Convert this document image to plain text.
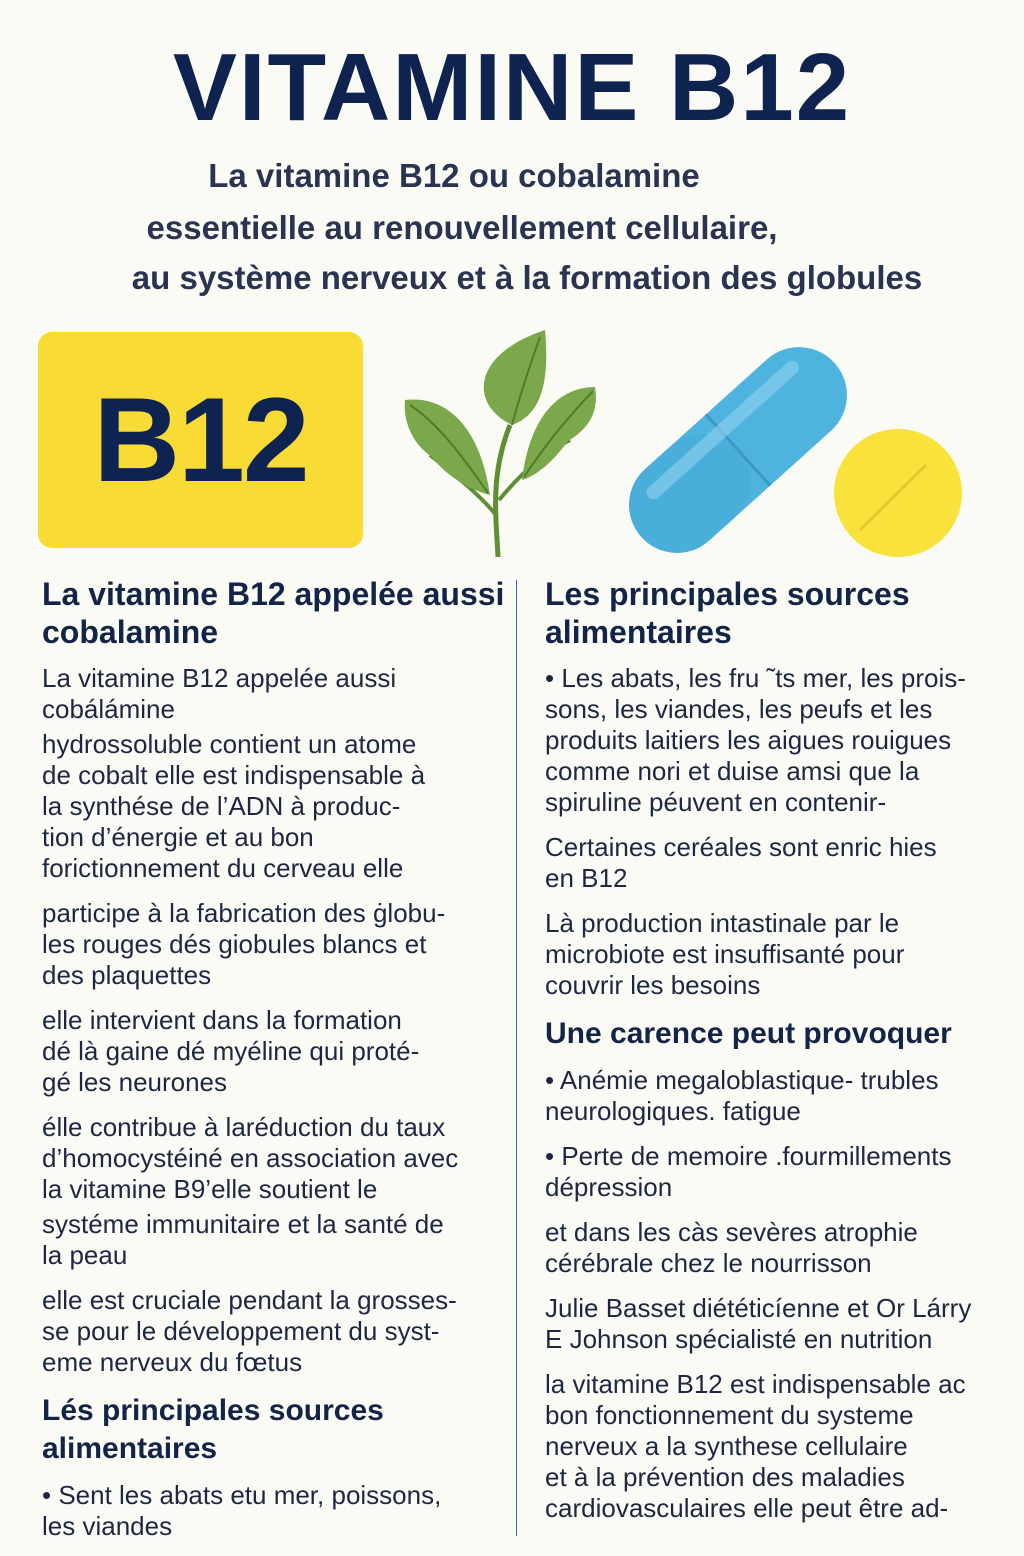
VITAMINE B12
La vitamine B12 ou cobalamine
essentielle au renouvellement cellulaire,
au système nerveux et à la formation des globules
B12
La vitamine B12 appelée aussi cobalamine
La vitamine B12 appelée aussi
cobálámine
hydrossoluble contient un atome
de cobalt elle est indispensable à
la synthése de l’ADN à produc-
tion d’énergie et au bon
forictionnement du cerveau elle
participe à la fabrication des ġlobu-
les rouges dés giobules blancs et
des plaquettes
elle intervient dans la formation
dé là gaine dé myéline qui proté-
gé les neurones
élle contribue à laréduction du taux
d’homocystéiné en association avec
la vitamine B9’elle soutient le
systéme immunitaire et la santé de
la peau
elle est cruciale pendant la grosses-
se pour le développement du syst-
eme nerveux du fœtus
Lés principales sources alimentaires
• Sent les abats etu mer, poissons,
les viandes
Les principales sources alimentaires
• Les abats, les fru ˜ts mer, les prois-
sons, les viandes, les peufs et les
produits laitiers les aigues rouigues
comme nori et duise amsi que la
spiruline péuvent en contenir-
Certaines ceréales sont enric hies
en B12
Là production intastinale par le
microbiote est insuffisanté pour
couvrir les besoins
Une carence peut provoquer
• Anémie megaloblastique- trubles
neurologiques. fatigue
• Perte de memoire .fourmillements
dépression
et dans les càs sevères atrophie
cérébrale chez le nourrisson
Julie Basset diététicíenne et Or Lárry
E Johnson spécialisté en nutrition
la vitamine B12 est indispensable ac
bon fonctionnement du systeme
nerveux a la synthese cellulaire
et à la prévention des maladies
cardiovasculaires elle peut être ad-
